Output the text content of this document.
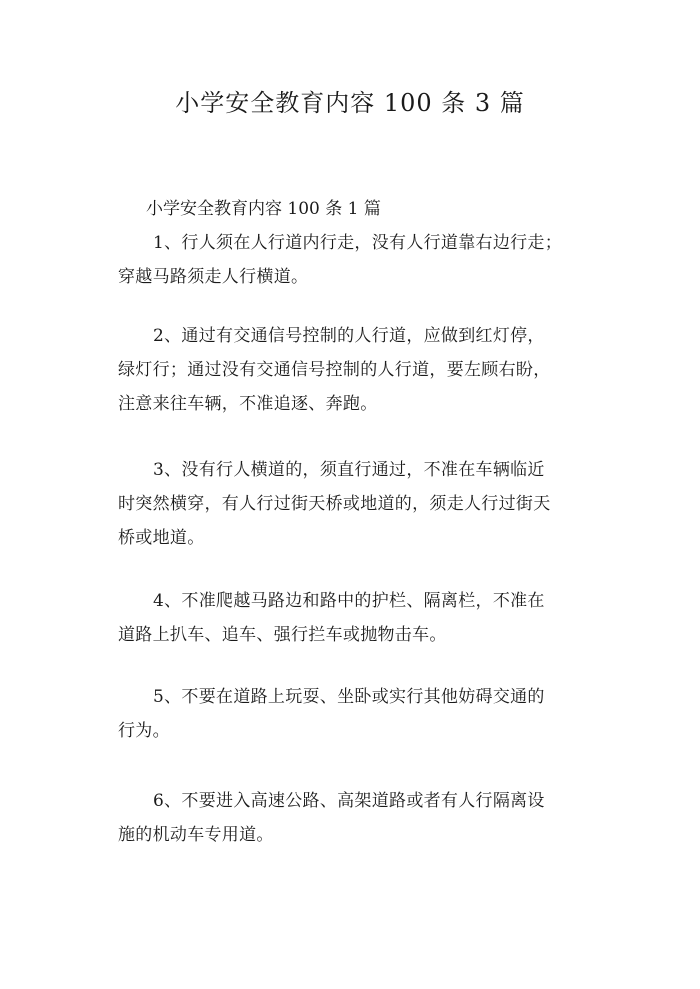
小学安全教育内容 100 条 3 篇
小学安全教育内容 100 条 1 篇

1、行人须在人行道内行走，没有人行道靠右边行走；
穿越马路须走人行横道。

2、通过有交通信号控制的人行道，应做到红灯停，
绿灯行；通过没有交通信号控制的人行道，要左顾右盼，
注意来往车辆，不准追逐、奔跑。

3、没有行人横道的，须直行通过，不准在车辆临近
时突然横穿，有人行过街天桥或地道的，须走人行过街天
桥或地道。

4、不准爬越马路边和路中的护栏、隔离栏，不准在
道路上扒车、追车、强行拦车或抛物击车。

5、不要在道路上玩耍、坐卧或实行其他妨碍交通的
行为。

6、不要进入高速公路、高架道路或者有人行隔离设
施的机动车专用道。
